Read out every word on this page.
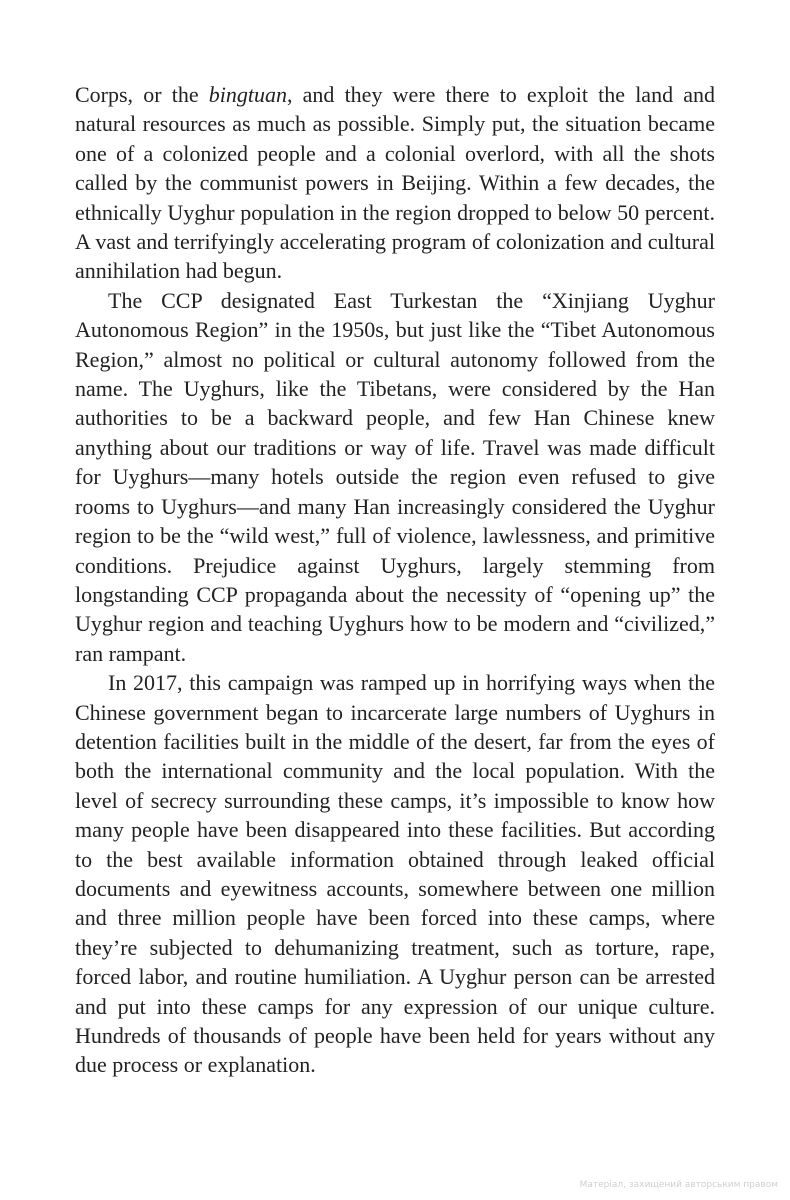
Corps, or the bingtuan, and they were there to exploit the land and natural resources as much as possible. Simply put, the situation became one of a colonized people and a colonial overlord, with all the shots called by the communist powers in Beijing. Within a few decades, the ethnically Uyghur population in the region dropped to below 50 percent. A vast and terrifyingly accelerating program of colonization and cultural annihilation had begun.

The CCP designated East Turkestan the “Xinjiang Uyghur Autonomous Region” in the 1950s, but just like the “Tibet Autonomous Region,” almost no political or cultural autonomy followed from the name. The Uyghurs, like the Tibetans, were considered by the Han authorities to be a backward people, and few Han Chinese knew anything about our traditions or way of life. Travel was made difficult for Uyghurs—many hotels outside the region even refused to give rooms to Uyghurs—and many Han increasingly considered the Uyghur region to be the “wild west,” full of violence, lawlessness, and primitive conditions. Prejudice against Uyghurs, largely stemming from longstanding CCP propaganda about the necessity of “opening up” the Uyghur region and teaching Uyghurs how to be modern and “civilized,” ran rampant.

In 2017, this campaign was ramped up in horrifying ways when the Chinese government began to incarcerate large numbers of Uyghurs in detention facilities built in the middle of the desert, far from the eyes of both the international community and the local population. With the level of secrecy surrounding these camps, it’s impossible to know how many people have been disappeared into these facilities. But according to the best available information obtained through leaked official documents and eyewitness accounts, somewhere between one million and three million people have been forced into these camps, where they’re subjected to dehumanizing treatment, such as torture, rape, forced labor, and routine humiliation. A Uyghur person can be arrested and put into these camps for any expression of our unique culture. Hundreds of thousands of people have been held for years without any due process or explanation.

Матеріал, захищений авторським правом
